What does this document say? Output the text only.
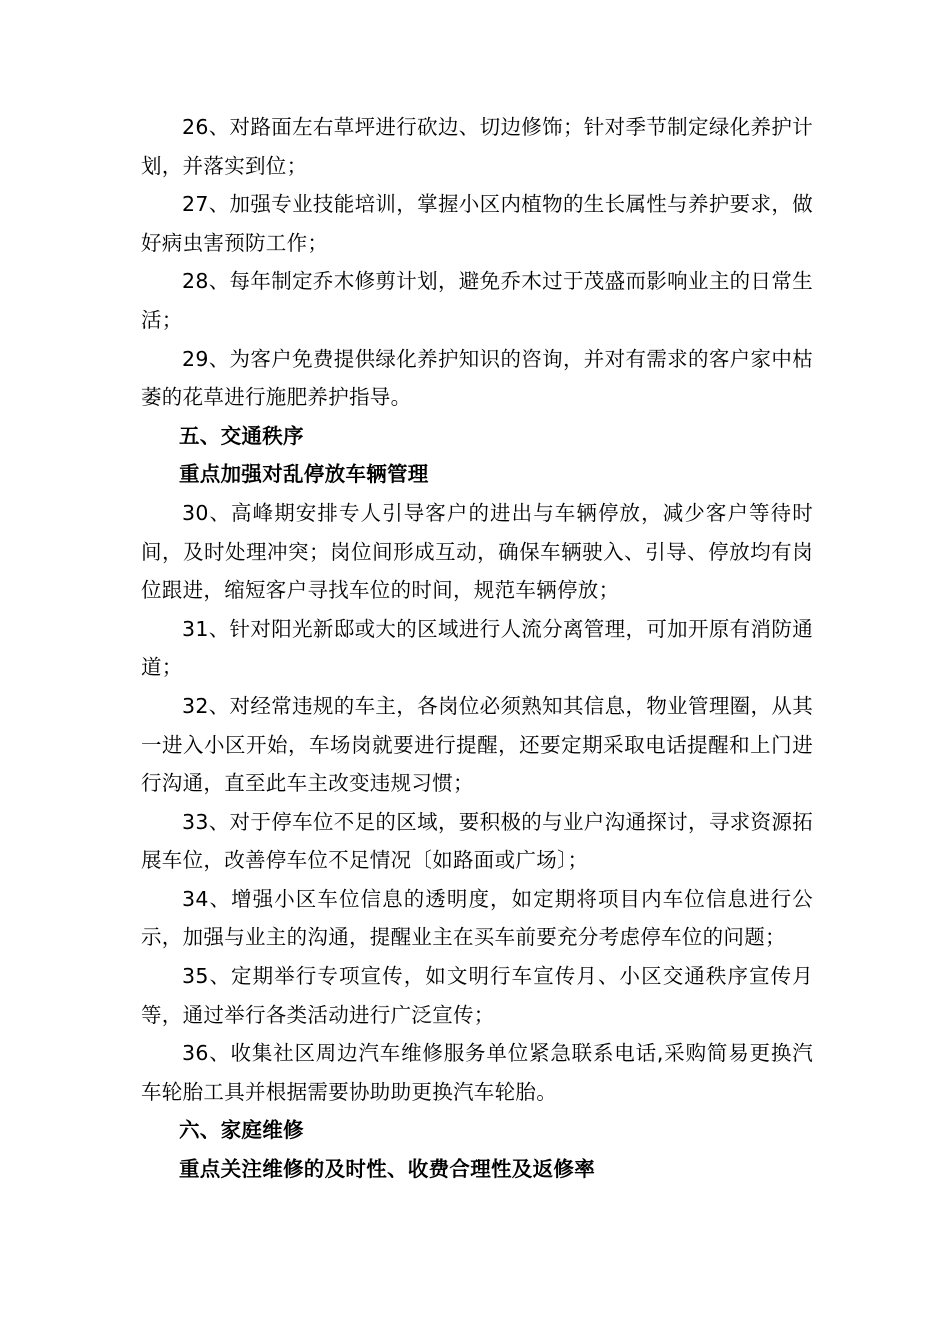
26、对路面左右草坪进行砍边、切边修饰；针对季节制定绿化养护计划，并落实到位；

27、加强专业技能培训，掌握小区内植物的生长属性与养护要求，做好病虫害预防工作；

28、每年制定乔木修剪计划，避免乔木过于茂盛而影响业主的日常生活；

29、为客户免费提供绿化养护知识的咨询，并对有需求的客户家中枯萎的花草进行施肥养护指导。

五、交通秩序

重点加强对乱停放车辆管理

30、高峰期安排专人引导客户的进出与车辆停放，减少客户等待时间，及时处理冲突；岗位间形成互动，确保车辆驶入、引导、停放均有岗位跟进，缩短客户寻找车位的时间，规范车辆停放；

31、针对阳光新邸或大的区域进行人流分离管理，可加开原有消防通道；

32、对经常违规的车主，各岗位必须熟知其信息，物业管理圈，从其一进入小区开始，车场岗就要进行提醒，还要定期采取电话提醒和上门进行沟通，直至此车主改变违规习惯；

33、对于停车位不足的区域，要积极的与业户沟通探讨，寻求资源拓展车位，改善停车位不足情况〔如路面或广场〕；

34、增强小区车位信息的透明度，如定期将项目内车位信息进行公示，加强与业主的沟通，提醒业主在买车前要充分考虑停车位的问题；

35、定期举行专项宣传，如文明行车宣传月、小区交通秩序宣传月等，通过举行各类活动进行广泛宣传；

36、收集社区周边汽车维修服务单位紧急联系电话,采购简易更换汽车轮胎工具并根据需要协助助更换汽车轮胎。

六、家庭维修

重点关注维修的及时性、收费合理性及返修率
